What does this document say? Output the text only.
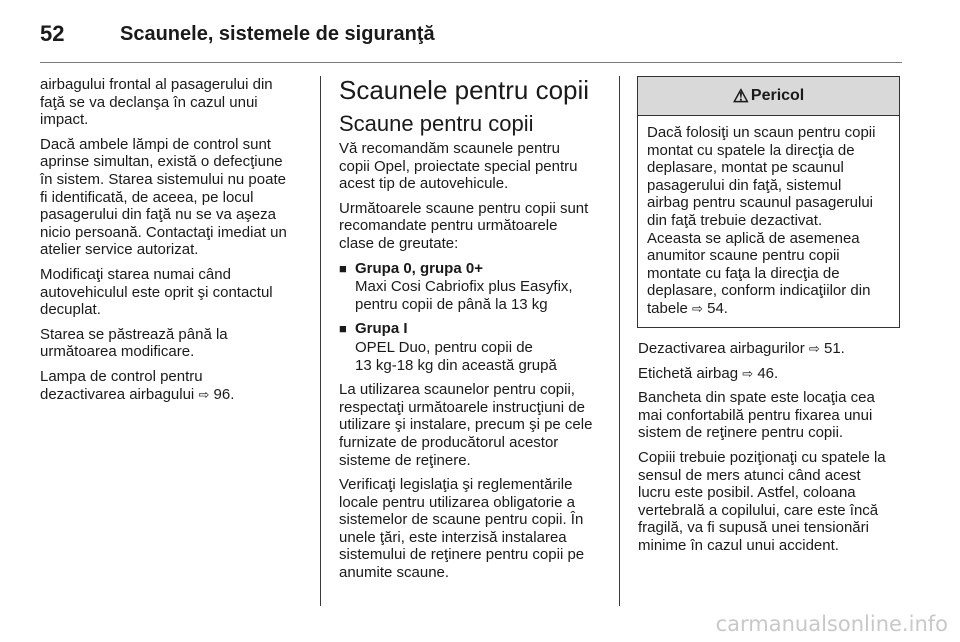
52	Scaunele, sistemele de siguranţă

airbagului frontal al pasagerului din
faţă se va declanşa în cazul unui
impact.

Dacă ambele lămpi de control sunt
aprinse simultan, există o defecţiune
în sistem. Starea sistemului nu poate
fi identificată, de aceea, pe locul
pasagerului din faţă nu se va aşeza
nicio persoană. Contactaţi imediat un
atelier service autorizat.

Modificaţi starea numai când
autovehiculul este oprit şi contactul
decuplat.

Starea se păstrează până la
următoarea modificare.

Lampa de control pentru
dezactivarea airbagului ⇨ 96.

Scaunele pentru copii
Scaune pentru copii

Vă recomandăm scaunele pentru
copii Opel, proiectate special pentru
acest tip de autovehicule.

Următoarele scaune pentru copii sunt
recomandate pentru următoarele
clase de greutate:

■ Grupa 0, grupa 0+

Maxi Cosi Cabriofix plus Easyfix,
pentru copii de până la 13 kg

■ Grupa I

OPEL Duo, pentru copii de
13 kg-18 kg din această grupă

La utilizarea scaunelor pentru copii,
respectaţi următoarele instrucţiuni de
utilizare şi instalare, precum şi pe cele
furnizate de producătorul acestor
sisteme de reţinere.

Verificaţi legislaţia şi reglementările
locale pentru utilizarea obligatorie a
sistemelor de scaune pentru copii. În
unele ţări, este interzisă instalarea
sistemului de reţinere pentru copii pe
anumite scaune.

⚠ Pericol
Dacă folosiţi un scaun pentru copii
montat cu spatele la direcţia de
deplasare, montat pe scaunul
pasagerului din faţă, sistemul
airbag pentru scaunul pasagerului
din faţă trebuie dezactivat.
Aceasta se aplică de asemenea
anumitor scaune pentru copii
montate cu faţa la direcţia de
deplasare, conform indicaţiilor din
tabele ⇨ 54.

Dezactivarea airbagurilor ⇨ 51.

Etichetă airbag ⇨ 46.

Bancheta din spate este locaţia cea
mai confortabilă pentru fixarea unui
sistem de reţinere pentru copii.

Copiii trebuie poziţionaţi cu spatele la
sensul de mers atunci când acest
lucru este posibil. Astfel, coloana
vertebrală a copilului, care este încă
fragilă, va fi supusă unei tensionări
minime în cazul unui accident.

carmanualsonline.info
